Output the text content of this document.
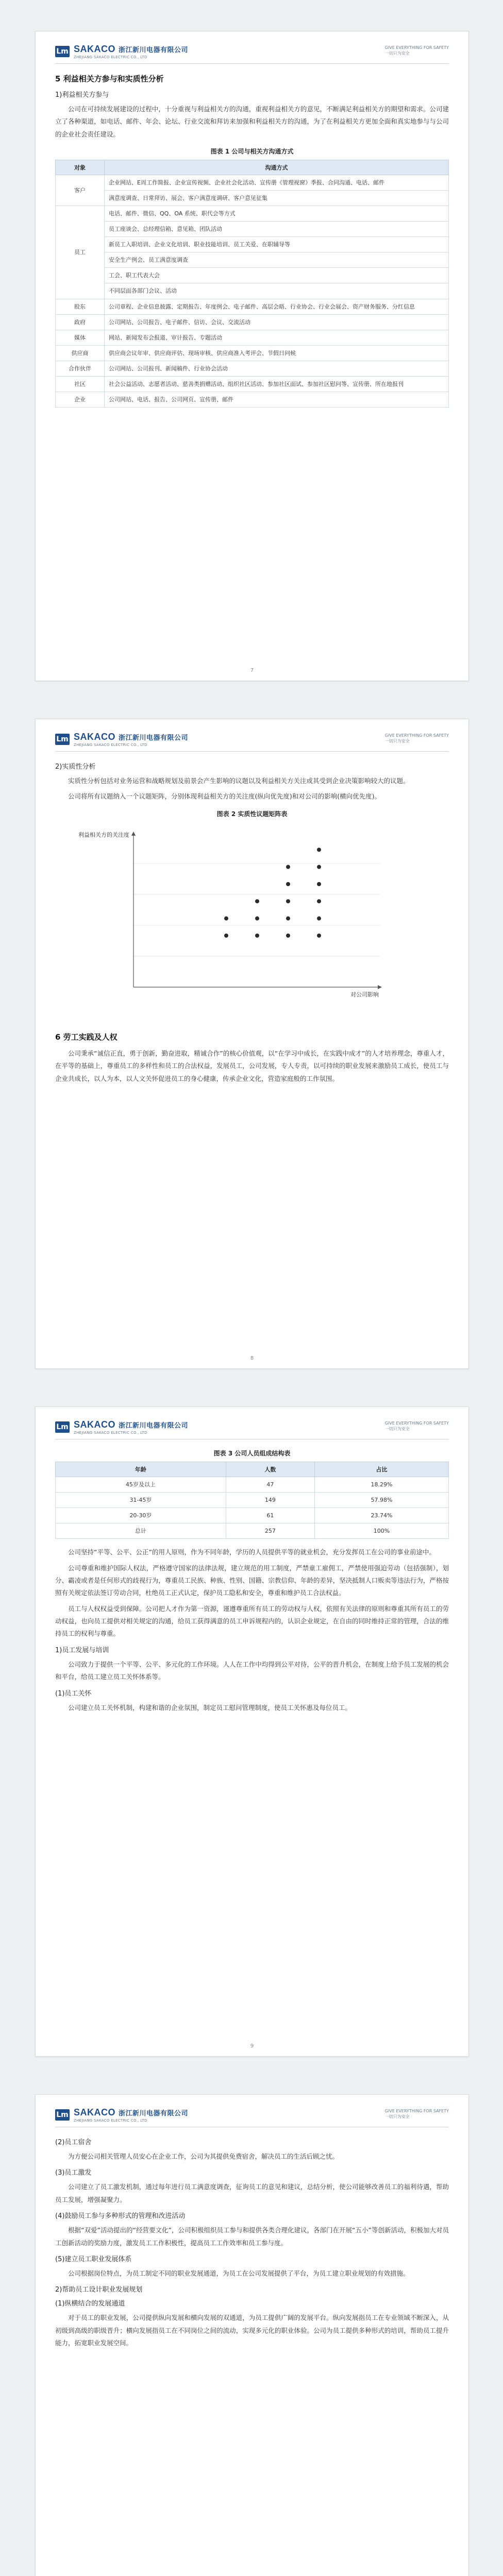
Lm SAKACO 浙江新川电器有限公司
ZHEJIANG SAKACO ELECTRIC CO., LTD
GIVE EVERYTHING FOR SAFETY
一切只为安全
5 利益相关方参与和实质性分析
1)利益相关方参与

公司在可持续发展建设的过程中，十分重视与利益相关方的沟通，重视利益相关方的意见，不断满足利益相关方的期望和需求。公司建立了各种渠道，如电话、邮件、年会、论坛、行业交流和拜访来加强和利益相关方的沟通，为了在利益相关方更加全面和真实地参与与公司的企业社会责任建设。

图表 1 公司与相关方沟通方式
对象	沟通方式
客户	企业网站、E周工作简报、企业宣传视频、企业社会化活动、宣传册《管理视窗》季报、合同沟通、电话、邮件
	满意度调查、日常拜访、展会、客户满意度调研、客户意见征集
员工	电话、邮件、微信、QQ、OA 系统、职代会等方式
	员工座谈会、总经理信箱、意见箱、团队活动
	新员工入职培训、企业文化培训、职业技能培训、员工关爱、在职辅导等
	安全生产例会、员工满意度调查
	工会、职工代表大会
	不同层面各部门会议、活动
股东	公司章程、企业信息披露、定期报告、年度例会、电子邮件、高层会晤、行业协会、行业会展会、资产财务服务、分红信息
政府	公司网站、公司报告、电子邮件、信访、会议、交流活动
媒体	网站、新闻发布会报道、审计报告、专题活动
供应商	供应商会议年审、供应商评估、现场审核、供应商准入考评会、节假日问候
合作伙伴	公司网站、公司报刊、新闻稿件、行业协会活动
社区	社会公益活动、志愿者活动、慈善类捐赠活动、组织社区活动、参加社区面试、参加社区慰问等、宣传册、所在地报刊
企业	公司网站、电话、报告、公司网页、宣传册、邮件
7
Lm SAKACO 浙江新川电器有限公司
ZHEJIANG SAKACO ELECTRIC CO., LTD
GIVE EVERYTHING FOR SAFETY
一切只为安全
2)实质性分析

实质性分析包括对业务运营和战略规划及前景会产生影响的议题以及利益相关方关注或其受到企业决策影响较大的议题。

公司将所有议题纳入一个议题矩阵，分别体现利益相关方的关注度(纵向优先度)和对公司的影响(横向优先度)。

图表 2 实质性议题矩阵表
利益相关方的关注度
对公司影响
6 劳工实践及人权

公司秉承“诚信正直，勇于创新，勤奋进取，精诚合作”的核心价值观，以“在学习中成长，在实践中成才”的人才培养理念，尊重人才，在平等的基础上，尊重员工的多样性和员工的合法权益，发展员工，公司发展，专人专责，以可持续的职业发展来激励员工成长，使员工与企业共成长，以人为本，以人文关怀促进员工的身心健康，传承企业文化，营造家庭般的工作氛围。

8
Lm SAKACO 浙江新川电器有限公司
ZHEJIANG SAKACO ELECTRIC CO., LTD
GIVE EVERYTHING FOR SAFETY
一切只为安全
图表 3 公司人员组成结构表
年龄	人数	占比
45岁及以上	47	18.29%
31-45岁	149	57.98%
20-30岁	61	23.74%
总计	257	100%

公司坚持“平等、公平、公正”的用人原则，作为不同年龄，学历的人员提供平等的就业机会，充分发挥员工在公司的事业前途中。

公司尊重和维护国际人权法，严格遵守国家的法律法规，建立规范的用工制度，严禁童工雇佣工，严禁使用强迫劳动（包括强制），划分、霸凌或者是任何形式的歧视行为，尊重员工民族、种族、性别、国籍、宗教信仰、年龄的差异，坚决抵制人口贩卖等违法行为，严格按照有关规定依法签订劳动合同，杜绝员工正式认定，保护员工隐私和安全，尊重和维护员工合法权益。

员工与人权权益受到保障。公司把人才作为第一资源，谨遵尊重所有员工的劳动权与人权，依照有关法律的原则和尊重其所有员工的劳动权益，也向员工提供对相关规定的沟通，给员工获得满意的员工申诉规程内的，认识企业规定，在自由的同时维持正常的管理，合法的维持员工的权利与尊重。

1)员工发展与培训

公司致力于提供一个平等、公平、多元化的工作环境。人人在工作中均得到公平对待，公平的晋升机会，在制度上给予员工发展的机会和平台，给员工建立员工关怀体系等。

(1)员工关怀

公司建立员工关怀机制，构建和谐的企业氛围，制定员工慰问管理制度，使员工关怀惠及每位员工。

9
Lm SAKACO 浙江新川电器有限公司
ZHEJIANG SAKACO ELECTRIC CO., LTD
GIVE EVERYTHING FOR SAFETY
一切只为安全
(2)员工宿舍

为方便公司相关管理人员安心在企业工作，公司为其提供免费宿舍，解决员工的生活后顾之忧。

(3)员工激发

公司建立了员工激发机制，通过每年进行员工满意度调查，征询员工的意见和建议，总结分析，使公司能够改善员工的福利待遇，帮助员工发展，增强凝聚力。

(4)鼓励员工参与多种形式的管理和改进活动

根据“双爱”活动提出的“经营要文化”，公司积极组织员工参与和提供各类合理化建议，各部门在开展“五小”等创新活动，积极加大对员工创新活动的奖励力度，激发员工工作积极性，提高员工工作效率和员工参与度。

(5)建立员工职业发展体系

公司根据岗位特点，为员工制定不同的职业发展通道，为员工在公司发展提供了平台，为员工建立职业规划的有效措施。

2)帮助员工设计职业发展规划
(1)纵横结合的发展通道

对于员工的职业发展，公司提供纵向发展和横向发展的双通道，为员工提供广阔的发展平台。纵向发展指员工在专业领域不断深入，从初级到高级的职级晋升；横向发展指员工在不同岗位之间的流动，实现多元化的职业体验。公司为员工提供多种形式的培训，帮助员工提升能力，拓宽职业发展空间。
